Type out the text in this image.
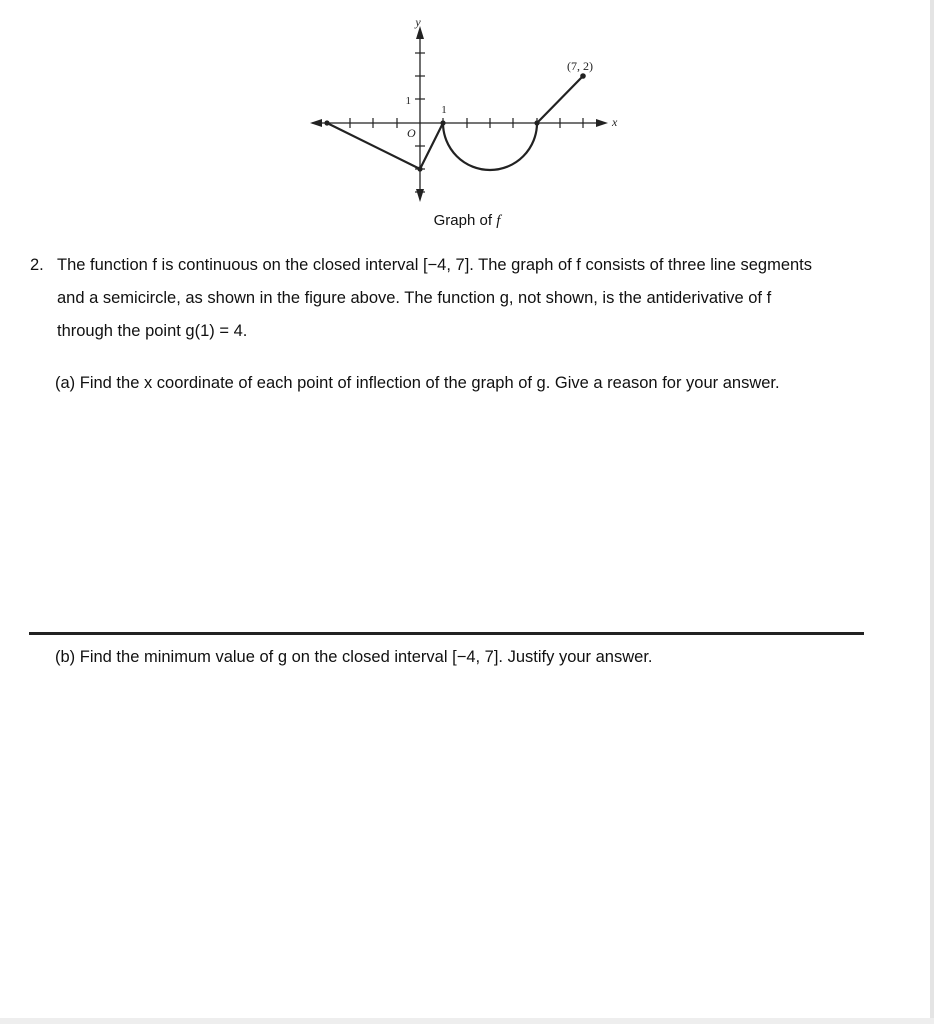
y
x
O
1
1
(7, 2)
Graph of f
2. The function f is continuous on the closed interval [−4, 7]. The graph of f consists of three line segments
and a semicircle, as shown in the figure above. The function g, not shown, is the antiderivative of f
through the point g(1) = 4.
(a) Find the x coordinate of each point of inflection of the graph of g. Give a reason for your answer.
(b) Find the minimum value of g on the closed interval [−4, 7]. Justify your answer.
